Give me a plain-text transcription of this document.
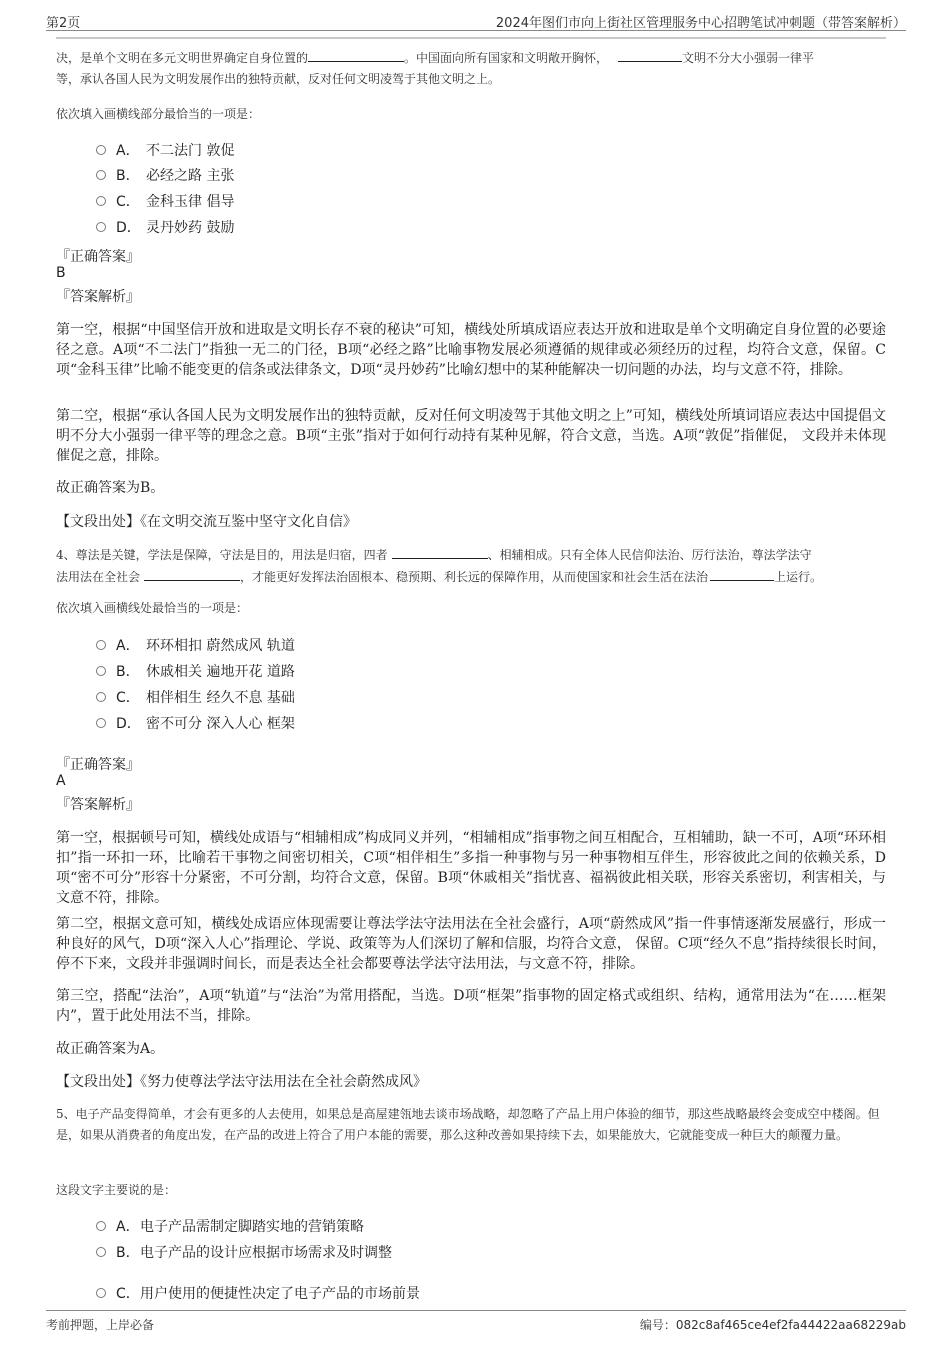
第2页	2024年图们市向上街社区管理服务中心招聘笔试冲刺题（带答案解析）
决，是单个文明在多元文明世界确定自身位置的	。中国面向所有国家和文明敞开胸怀，	文明不分大小强弱一律平
等，承认各国人民为文明发展作出的独特贡献，反对任何文明凌驾于其他文明之上。
依次填入画横线部分最恰当的一项是：
A． 不二法门 敦促
B． 必经之路 主张
C． 金科玉律 倡导
D． 灵丹妙药 鼓励
『正确答案』
B
『答案解析』
第一空，根据“中国坚信开放和进取是文明长存不衰的秘诀”可知，横线处所填成语应表达开放和进取是单个文明确定自身位置的必要途径之意。A项“不二法门”指独一无二的门径，B项“必经之路”比喻事物发展必须遵循的规律或必须经历的过程，均符合文意，保留。C项“金科玉律”比喻不能变更的信条或法律条文，D项“灵丹妙药”比喻幻想中的某种能解决一切问题的办法，均与文意不符，排除。
第二空，根据“承认各国人民为文明发展作出的独特贡献，反对任何文明凌驾于其他文明之上”可知，横线处所填词语应表达中国提倡文明不分大小强弱一律平等的理念之意。B项“主张”指对于如何行动持有某种见解，符合文意，当选。A项“敦促”指催促， 文段并未体现催促之意，排除。
故正确答案为B。
【文段出处】《在文明交流互鉴中坚守文化自信》
4、尊法是关键，学法是保障，守法是目的，用法是归宿，四者	、相辅相成。只有全体人民信仰法治、厉行法治，尊法学法守
法用法在全社会	，才能更好发挥法治固根本、稳预期、利长远的保障作用，从而使国家和社会生活在法治	上运行。
依次填入画横线处最恰当的一项是：
A． 环环相扣 蔚然成风 轨道
B． 休戚相关 遍地开花 道路
C． 相伴相生 经久不息 基础
D． 密不可分 深入人心 框架
『正确答案』
A
『答案解析』
第一空，根据顿号可知，横线处成语与“相辅相成”构成同义并列，“相辅相成”指事物之间互相配合，互相辅助，缺一不可，A项“环环相扣”指一环扣一环，比喻若干事物之间密切相关，C项“相伴相生”多指一种事物与另一种事物相互伴生，形容彼此之间的依赖关系，D项“密不可分”形容十分紧密，不可分割，均符合文意，保留。B项“休戚相关”指忧喜、福祸彼此相关联，形容关系密切，利害相关，与文意不符，排除。
第二空，根据文意可知，横线处成语应体现需要让尊法学法守法用法在全社会盛行，A项“蔚然成风”指一件事情逐渐发展盛行，形成一种良好的风气，D项“深入人心”指理论、学说、政策等为人们深切了解和信服，均符合文意， 保留。C项“经久不息”指持续很长时间，停不下来，文段并非强调时间长，而是表达全社会都要尊法学法守法用法，与文意不符，排除。
第三空，搭配“法治”，A项“轨道”与“法治”为常用搭配，当选。D项“框架”指事物的固定格式或组织、结构，通常用法为“在……框架内”，置于此处用法不当，排除。
故正确答案为A。
【文段出处】《努力使尊法学法守法用法在全社会蔚然成风》
5、电子产品变得简单，才会有更多的人去使用，如果总是高屋建瓴地去谈市场战略，却忽略了产品上用户体验的细节，那这些战略最终会变成空中楼阁。但是，如果从消费者的角度出发，在产品的改进上符合了用户本能的需要，那么这种改善如果持续下去，如果能放大，它就能变成一种巨大的颠覆力量。
这段文字主要说的是：
A．电子产品需制定脚踏实地的营销策略
B．电子产品的设计应根据市场需求及时调整
C．用户使用的便捷性决定了电子产品的市场前景
考前押题，上岸必备	编号：082c8af465ce4ef2fa44422aa68229ab
